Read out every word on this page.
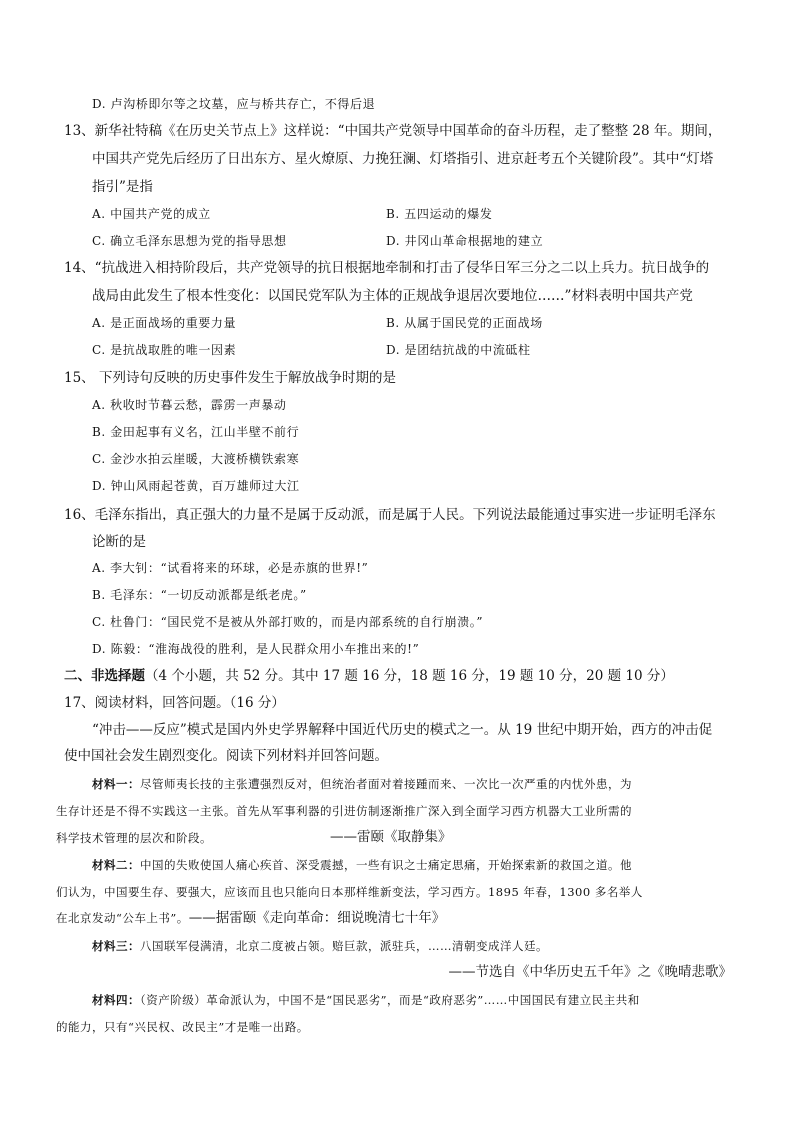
D. 卢沟桥即尔等之坟墓，应与桥共存亡，不得后退
13、新华社特稿《在历史关节点上》这样说：“中国共产党领导中国革命的奋斗历程，走了整整 28 年。期间，
中国共产党先后经历了日出东方、星火燎原、力挽狂澜、灯塔指引、进京赶考五个关键阶段”。其中“灯塔
指引”是指
A. 中国共产党的成立	B. 五四运动的爆发
C. 确立毛泽东思想为党的指导思想	D. 井冈山革命根据地的建立
14、“抗战进入相持阶段后，共产党领导的抗日根据地牵制和打击了侵华日军三分之二以上兵力。抗日战争的
战局由此发生了根本性变化：以国民党军队为主体的正规战争退居次要地位……”材料表明中国共产党
A. 是正面战场的重要力量	B. 从属于国民党的正面战场
C. 是抗战取胜的唯一因素	D. 是团结抗战的中流砥柱
15、 下列诗句反映的历史事件发生于解放战争时期的是
A. 秋收时节暮云愁，霹雳一声暴动
B. 金田起事有义名，江山半壁不前行
C. 金沙水拍云崖暖，大渡桥横铁索寒
D. 钟山风雨起苍黄，百万雄师过大江
16、毛泽东指出，真正强大的力量不是属于反动派，而是属于人民。下列说法最能通过事实进一步证明毛泽东
论断的是
A. 李大钊：“试看将来的环球，必是赤旗的世界!”
B. 毛泽东：“一切反动派都是纸老虎。”
C. 杜鲁门：“国民党不是被从外部打败的，而是内部系统的自行崩溃。”
D. 陈毅：“淮海战役的胜利，是人民群众用小车推出来的!”
二、非选择题（4 个小题，共 52 分。其中 17 题 16 分，18 题 16 分，19 题 10 分，20 题 10 分）
17、阅读材料，回答问题。（16 分）
“冲击——反应”模式是国内外史学界解释中国近代历史的模式之一。从 19 世纪中期开始，西方的冲击促
使中国社会发生剧烈变化。阅读下列材料并回答问题。
材料一：尽管师夷长技的主张遭强烈反对，但统治者面对着接踵而来、一次比一次严重的内忧外患，为
生存计还是不得不实践这一主张。首先从军事利器的引进仿制逐渐推广深入到全面学习西方机器大工业所需的
科学技术管理的层次和阶段。	——雷颐《取静集》
材料二：中国的失败使国人痛心疾首、深受震撼，一些有识之士痛定思痛，开始探索新的救国之道。他
们认为，中国要生存、要强大，应该而且也只能向日本那样维新变法，学习西方。1895 年春，1300 多名举人
在北京发动“公车上书”。——据雷颐《走向革命：细说晚清七十年》
材料三：八国联军侵满清，北京二度被占领。赔巨款，派驻兵，……清朝变成洋人廷。
——节选自《中华历史五千年》之《晚晴悲歌》
材料四：（资产阶级）革命派认为，中国不是“国民恶劣”，而是“政府恶劣”……中国国民有建立民主共和
的能力，只有“兴民权、改民主”才是唯一出路。
